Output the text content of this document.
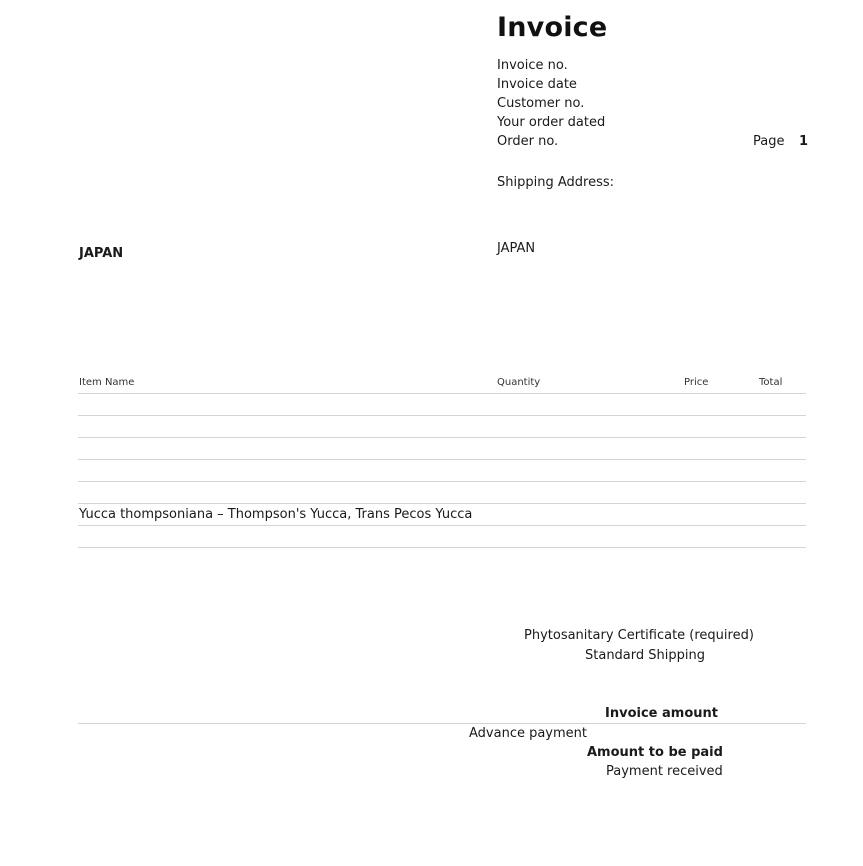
Invoice
Invoice no.
Invoice date
Customer no.
Your order dated
Order no.	Page 1
Shipping Address:
JAPAN	JAPAN
Item Name	Quantity	Price	Total
Yucca thompsoniana – Thompson's Yucca, Trans Pecos Yucca
Phytosanitary Certificate (required)
Standard Shipping
Invoice amount
Advance payment
Amount to be paid
Payment received
